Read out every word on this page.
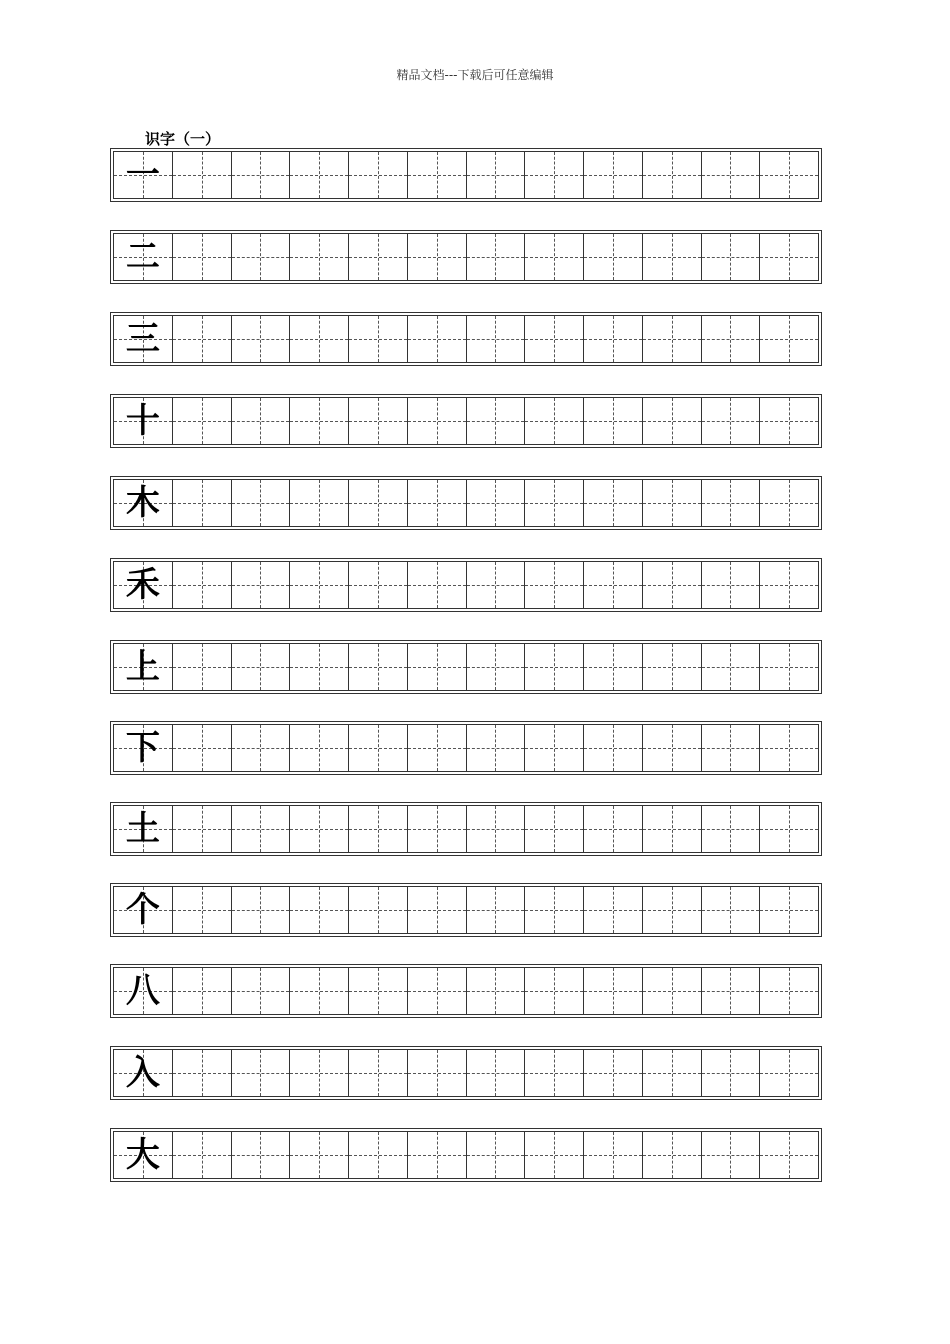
精品文档---下载后可任意编辑
识字（一）
一
二
三
十
木
禾
上
下
土
个
八
入
大
